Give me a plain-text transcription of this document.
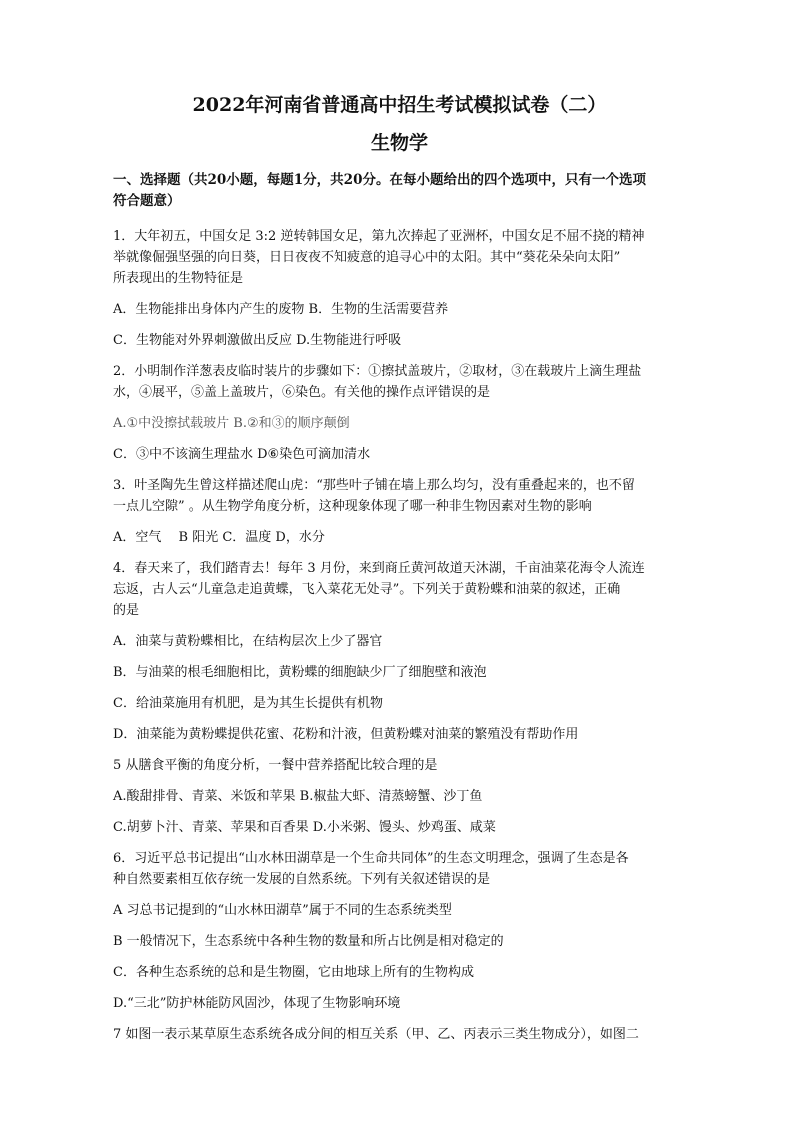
2022年河南省普通高中招生考试模拟试卷（二）
生物学
一、选择题（共20小题，每题1分，共20分。在每小题给出的四个选项中，只有一个选项
符合题意）
1．大年初五，中国女足 3:2 逆转韩国女足，第九次捧起了亚洲杯，中国女足不屈不挠的精神
举就像倔强坚强的向日葵，日日夜夜不知疲意的追寻心中的太阳。其中“葵花朵朵向太阳”
所表现出的生物特征是
A．生物能排出身体内产生的废物 B．生物的生活需要营养
C．生物能对外界刺激做出反应 D.生物能进行呼吸
2．小明制作洋葱表皮临时装片的步骤如下：①擦拭盖玻片，②取材，③在载玻片上滴生理盐
水，④展平，⑤盖上盖玻片，⑥染色。有关他的操作点评错误的是
A.①中没擦拭载玻片 B.②和③的顺序颠倒
C．③中不该滴生理盐水 D⑥染色可滴加清水
3．叶圣陶先生曾这样描述爬山虎：“那些叶子铺在墙上那么均匀，没有重叠起来的，也不留
一点儿空隙” 。从生物学角度分析，这种现象体现了哪一种非生物因素对生物的影响
A．空气　 B 阳光 C．温度 D，水分
4．春天来了，我们踏青去！每年 3 月份，来到商丘黄河故道天沐湖，千亩油菜花海令人流连
忘返，古人云“儿童急走追黄蝶，飞入菜花无处寻”。下列关于黄粉蝶和油菜的叙述，正确
的是
A．油菜与黄粉蝶相比，在结构层次上少了器官
B．与油菜的根毛细胞相比，黄粉蝶的细胞缺少厂了细胞壁和液泡
C．给油菜施用有机肥，是为其生长提供有机物
D．油菜能为黄粉蝶提供花蜜、花粉和汁液，但黄粉蝶对油菜的繁殖没有帮助作用
5 从膳食平衡的角度分析，一餐中营养搭配比较合理的是
A.酸甜排骨、青菜、米饭和苹果 B.椒盐大虾、清蒸螃蟹、沙丁鱼
C.胡萝卜汁、青菜、苹果和百香果 D.小米粥、馒头、炒鸡蛋、咸菜
6．习近平总书记提出“山水林田湖草是一个生命共同体”的生态文明理念，强调了生态是各
种自然要素相互依存统一发展的自然系统。下列有关叙述错误的是
A 习总书记提到的“山水林田湖草”属于不同的生态系统类型
B 一般情况下，生态系统中各种生物的数量和所占比例是相对稳定的
C．各种生态系统的总和是生物圈，它由地球上所有的生物构成
D.“三北”防护林能防风固沙，体现了生物影响环境
7 如图一表示某草原生态系统各成分间的相互关系（甲、乙、丙表示三类生物成分），如图二
